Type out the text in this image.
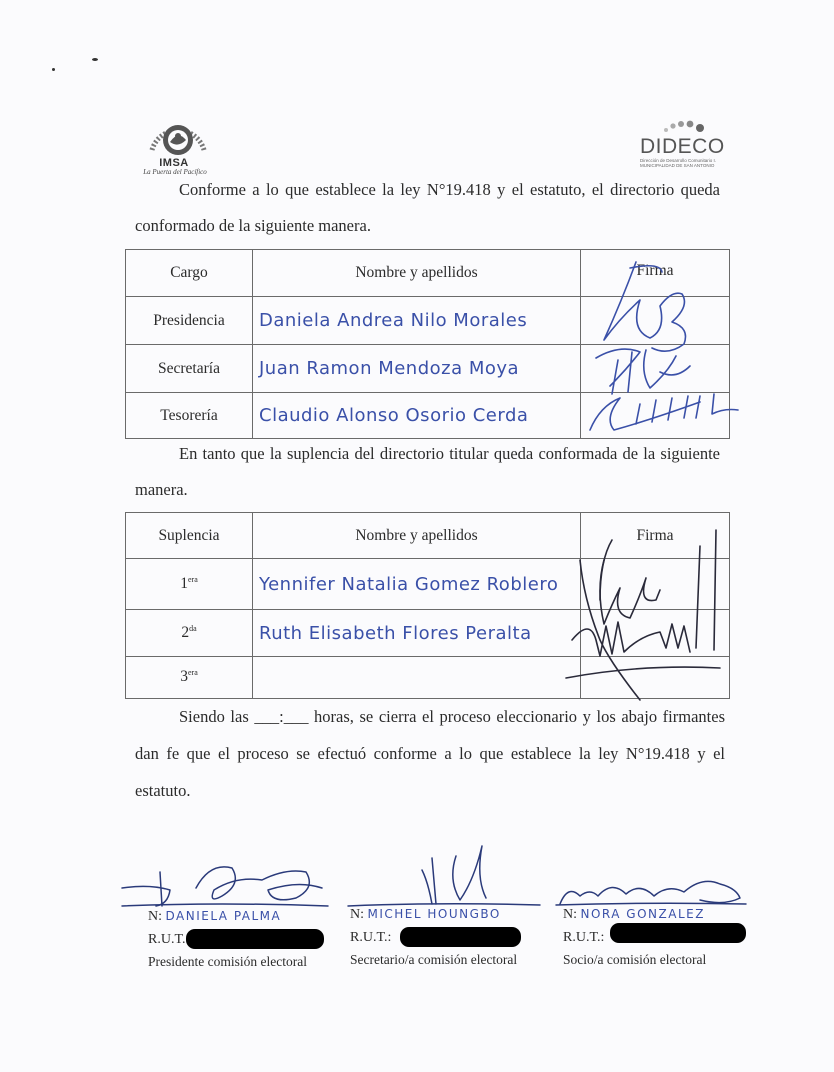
IMSA
La Puerta del Pacífico
DIDECO
Dirección de Desarrollo Comunitario I. MUNICIPALIDAD DE SAN ANTONIO
Conforme a lo que establece la ley N°19.418 y el estatuto, el directorio queda conformado de la siguiente manera.
Cargo	Nombre y apellidos	Firma
Presidencia	Daniela Andrea Nilo Morales	
Secretaría	Juan Ramon Mendoza Moya	
Tesorería	Claudio Alonso Osorio Cerda	
En tanto que la suplencia del directorio titular queda conformada de la siguiente manera.
Suplencia	Nombre y apellidos	Firma
$1^{era}$	Yennifer Natalia Gomez Roblero	
$2^{da}$	Ruth Elisabeth Flores Peralta	
$3^{era}$		
Siendo las ___:___ horas, se cierra el proceso eleccionario y los abajo firmantes dan fe que el proceso se efectuó conforme a lo que establece la ley N°19.418 y el estatuto.
N: DANIELA PALMA
R.U.T.
Presidente comisión electoral
N: MICHEL HOUNGBO
R.U.T.:
Secretario/a comisión electoral
N: NORA GONZALEZ
R.U.T.:
Socio/a comisión electoral
